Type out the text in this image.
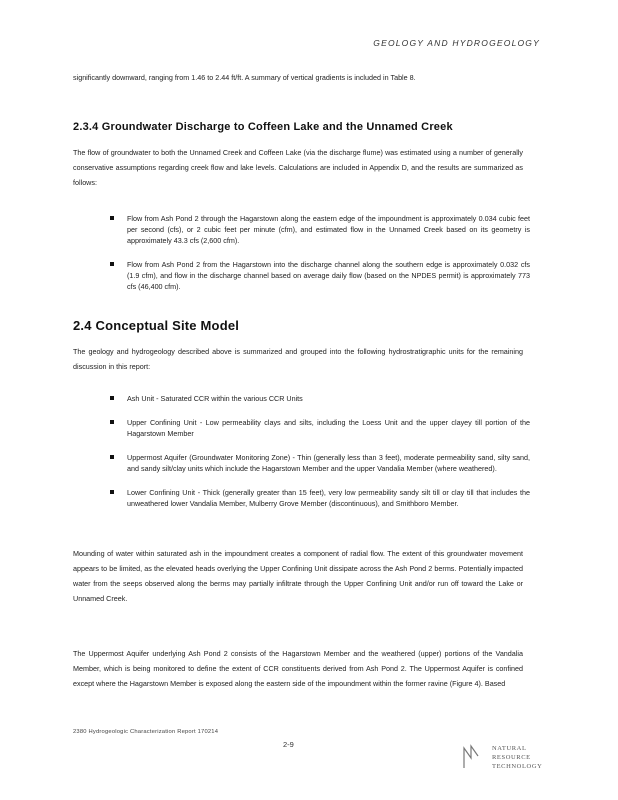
GEOLOGY AND HYDROGEOLOGY
significantly downward, ranging from 1.46 to 2.44 ft/ft. A summary of vertical gradients is included in Table 8.
2.3.4 Groundwater Discharge to Coffeen Lake and the Unnamed Creek
The flow of groundwater to both the Unnamed Creek and Coffeen Lake (via the discharge flume) was estimated using a number of generally conservative assumptions regarding creek flow and lake levels. Calculations are included in Appendix D, and the results are summarized as follows:
Flow from Ash Pond 2 through the Hagarstown along the eastern edge of the impoundment is approximately 0.034 cubic feet per second (cfs), or 2 cubic feet per minute (cfm), and estimated flow in the Unnamed Creek based on its geometry is approximately 43.3 cfs (2,600 cfm).
Flow from Ash Pond 2 from the Hagarstown into the discharge channel along the southern edge is approximately 0.032 cfs (1.9 cfm), and flow in the discharge channel based on average daily flow (based on the NPDES permit) is approximately 773 cfs (46,400 cfm).
2.4 Conceptual Site Model
The geology and hydrogeology described above is summarized and grouped into the following hydrostratigraphic units for the remaining discussion in this report:
Ash Unit - Saturated CCR within the various CCR Units
Upper Confining Unit - Low permeability clays and silts, including the Loess Unit and the upper clayey till portion of the Hagarstown Member
Uppermost Aquifer (Groundwater Monitoring Zone) - Thin (generally less than 3 feet), moderate permeability sand, silty sand, and sandy silt/clay units which include the Hagarstown Member and the upper Vandalia Member (where weathered).
Lower Confining Unit - Thick (generally greater than 15 feet), very low permeability sandy silt till or clay till that includes the unweathered lower Vandalia Member, Mulberry Grove Member (discontinuous), and Smithboro Member.
Mounding of water within saturated ash in the impoundment creates a component of radial flow. The extent of this groundwater movement appears to be limited, as the elevated heads overlying the Upper Confining Unit dissipate across the Ash Pond 2 berms. Potentially impacted water from the seeps observed along the berms may partially infiltrate through the Upper Confining Unit and/or run off toward the Lake or Unnamed Creek.
The Uppermost Aquifer underlying Ash Pond 2 consists of the Hagarstown Member and the weathered (upper) portions of the Vandalia Member, which is being monitored to define the extent of CCR constituents derived from Ash Pond 2. The Uppermost Aquifer is confined except where the Hagarstown Member is exposed along the eastern side of the impoundment within the former ravine (Figure 4). Based
2380 Hydrogeologic Characterization Report 170214
2-9	NATURAL
RESOURCE
TECHNOLOGY
